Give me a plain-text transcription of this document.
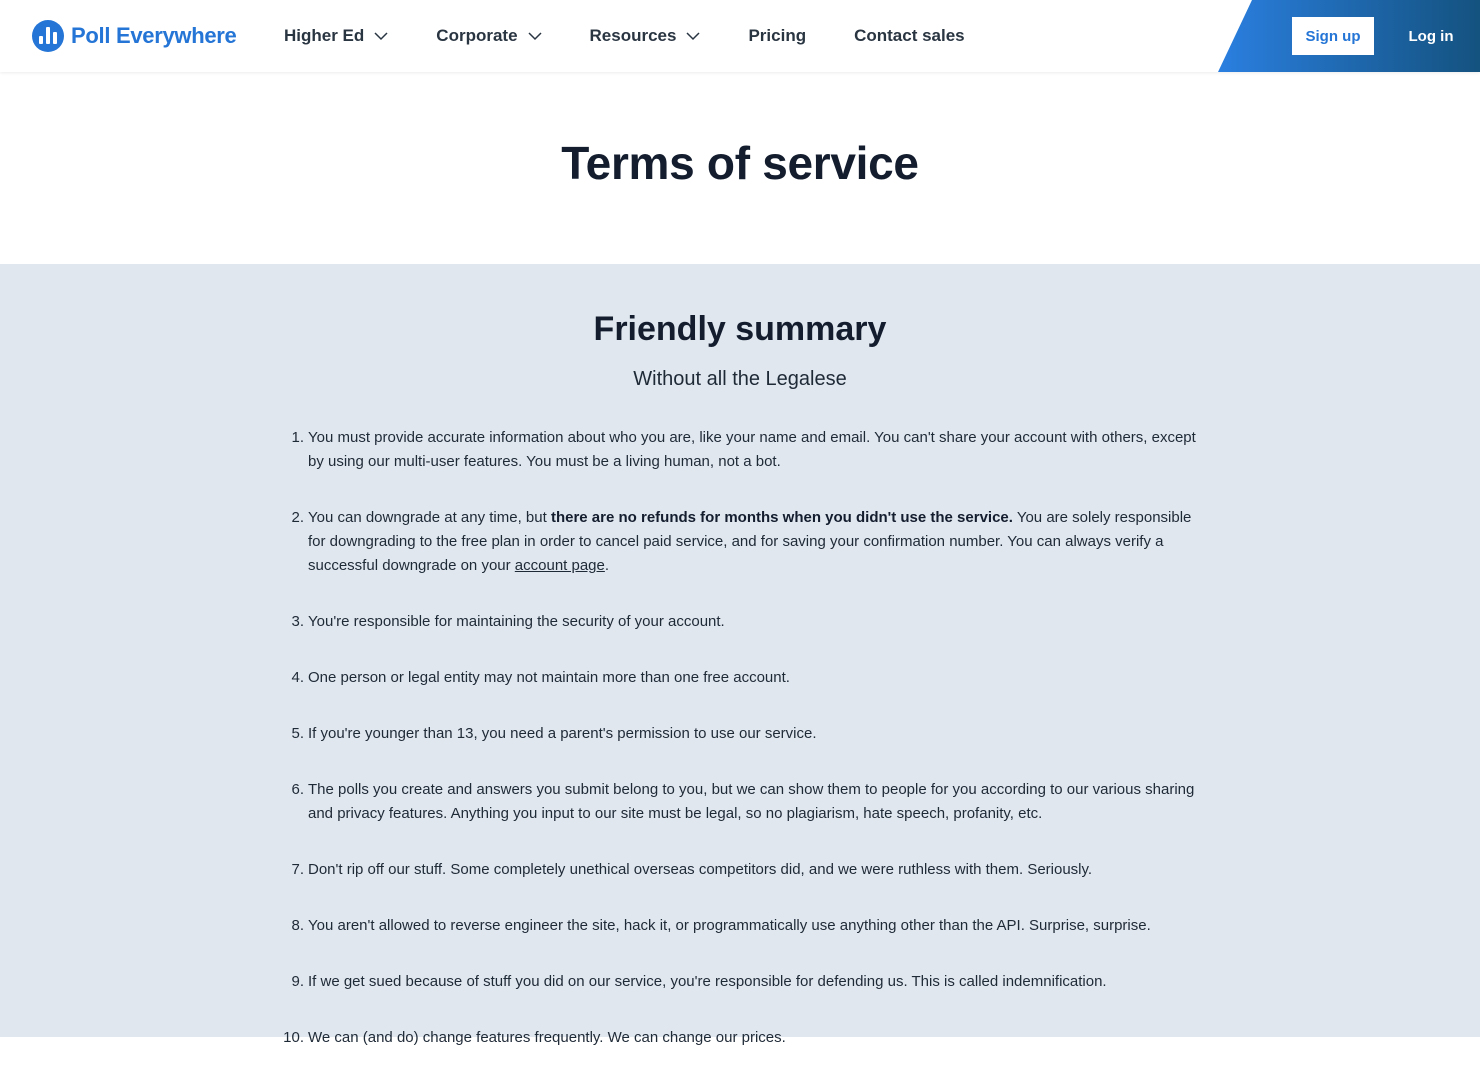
Poll Everywhere	Higher Ed	Corporate	Resources	Pricing	Contact sales	Sign up	Log in
Terms of service
Friendly summary

Without all the Legalese

1. You must provide accurate information about who you are, like your name and email. You can't share your account with others, except by using our multi-user features. You must be a living human, not a bot.
2. You can downgrade at any time, but there are no refunds for months when you didn't use the service. You are solely responsible for downgrading to the free plan in order to cancel paid service, and for saving your confirmation number. You can always verify a successful downgrade on your account page.
3. You're responsible for maintaining the security of your account.
4. One person or legal entity may not maintain more than one free account.
5. If you're younger than 13, you need a parent's permission to use our service.
6. The polls you create and answers you submit belong to you, but we can show them to people for you according to our various sharing and privacy features. Anything you input to our site must be legal, so no plagiarism, hate speech, profanity, etc.
7. Don't rip off our stuff. Some completely unethical overseas competitors did, and we were ruthless with them. Seriously.
8. You aren't allowed to reverse engineer the site, hack it, or programmatically use anything other than the API. Surprise, surprise.
9. If we get sued because of stuff you did on our service, you're responsible for defending us. This is called indemnification.
10. We can (and do) change features frequently. We can change our prices.
